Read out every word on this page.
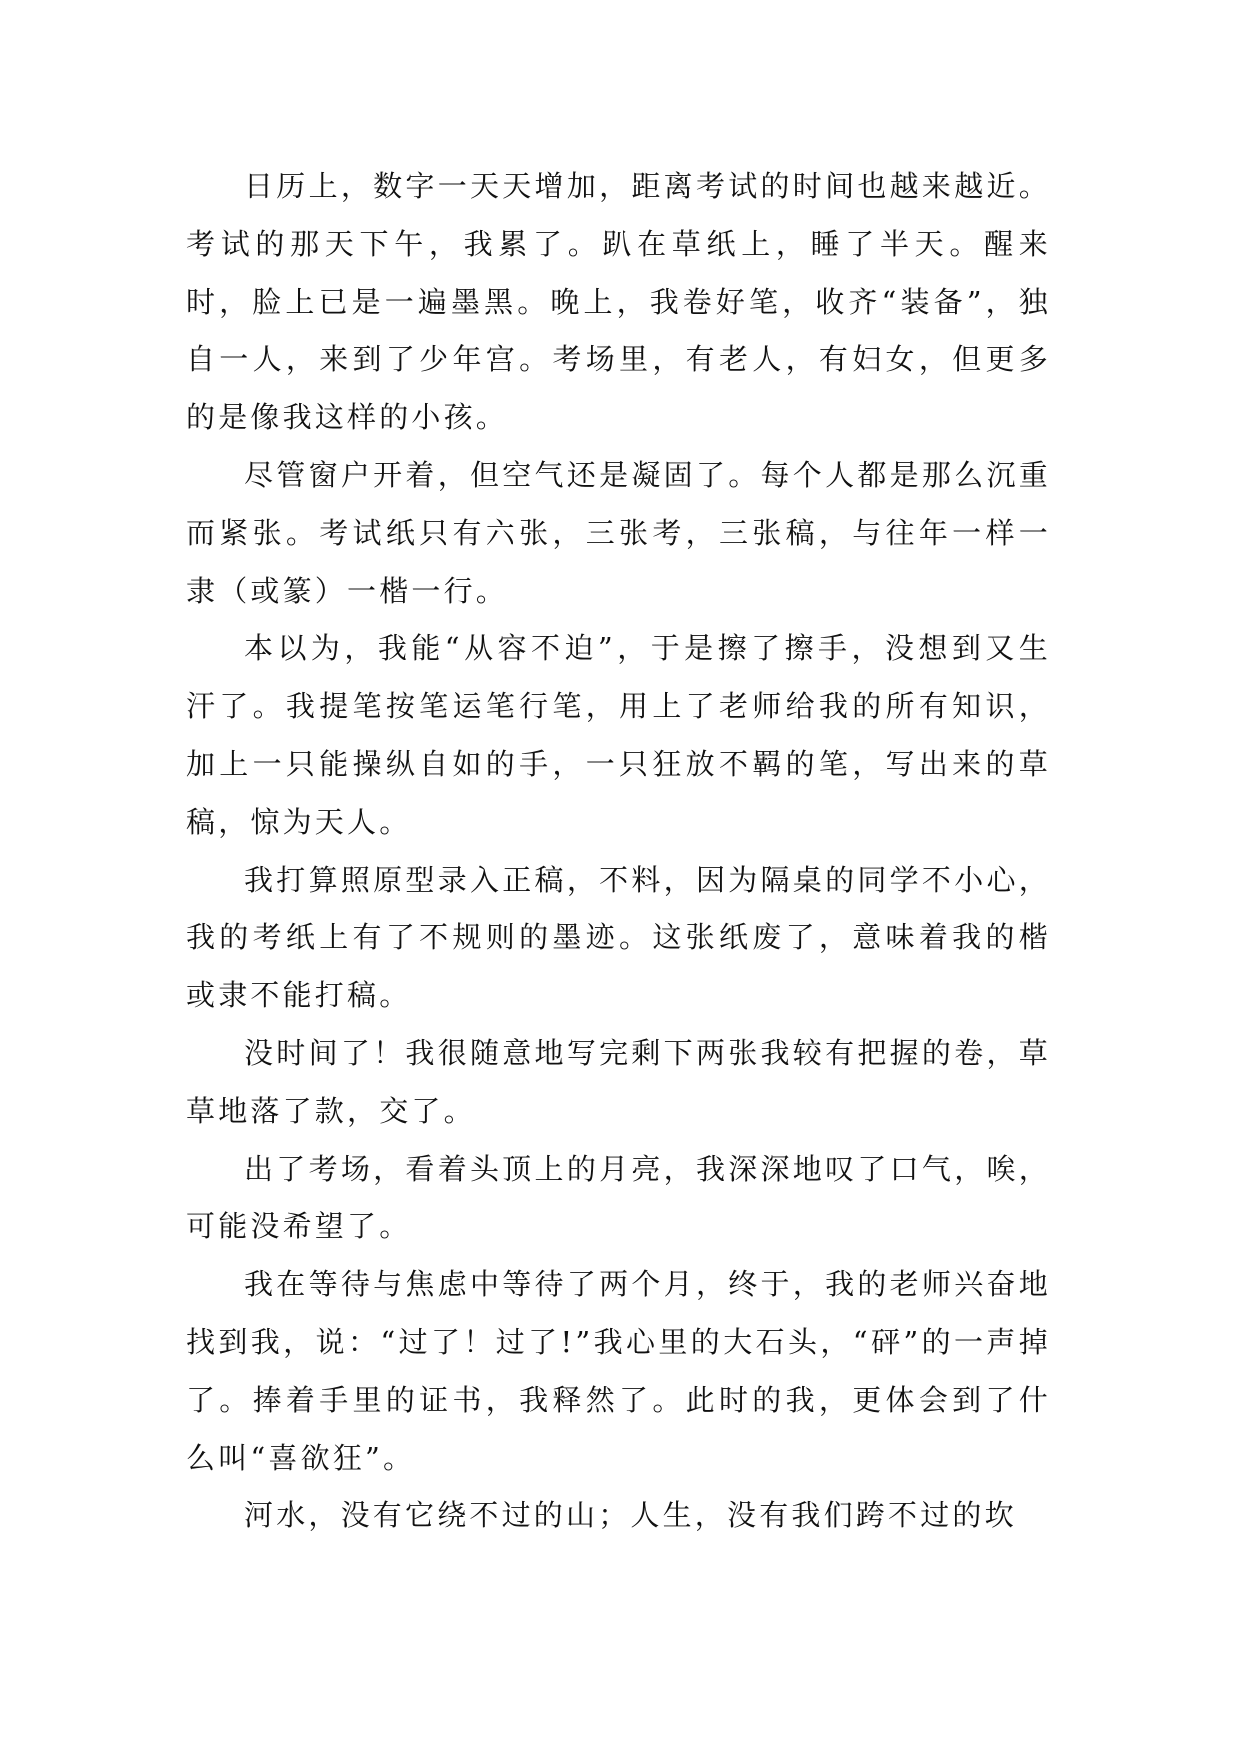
日历上，数字一天天增加，距离考试的时间也越来越近。考试的那天下午，我累了。趴在草纸上，睡了半天。醒来时，脸上已是一遍墨黑。晚上，我卷好笔，收齐“装备”，独自一人，来到了少年宫。考场里，有老人，有妇女，但更多的是像我这样的小孩。

尽管窗户开着，但空气还是凝固了。每个人都是那么沉重而紧张。考试纸只有六张，三张考，三张稿，与往年一样一隶（或篆）一楷一行。

本以为，我能“从容不迫”，于是擦了擦手，没想到又生汗了。我提笔按笔运笔行笔，用上了老师给我的所有知识，加上一只能操纵自如的手，一只狂放不羁的笔，写出来的草稿，惊为天人。

我打算照原型录入正稿，不料，因为隔桌的同学不小心，我的考纸上有了不规则的墨迹。这张纸废了，意味着我的楷或隶不能打稿。

没时间了！我很随意地写完剩下两张我较有把握的卷，草草地落了款，交了。

出了考场，看着头顶上的月亮，我深深地叹了口气，唉，可能没希望了。

我在等待与焦虑中等待了两个月，终于，我的老师兴奋地找到我，说：“过了！过了!”我心里的大石头，“砰”的一声掉了。捧着手里的证书，我释然了。此时的我，更体会到了什么叫“喜欲狂”。

河水，没有它绕不过的山；人生，没有我们跨不过的坎
